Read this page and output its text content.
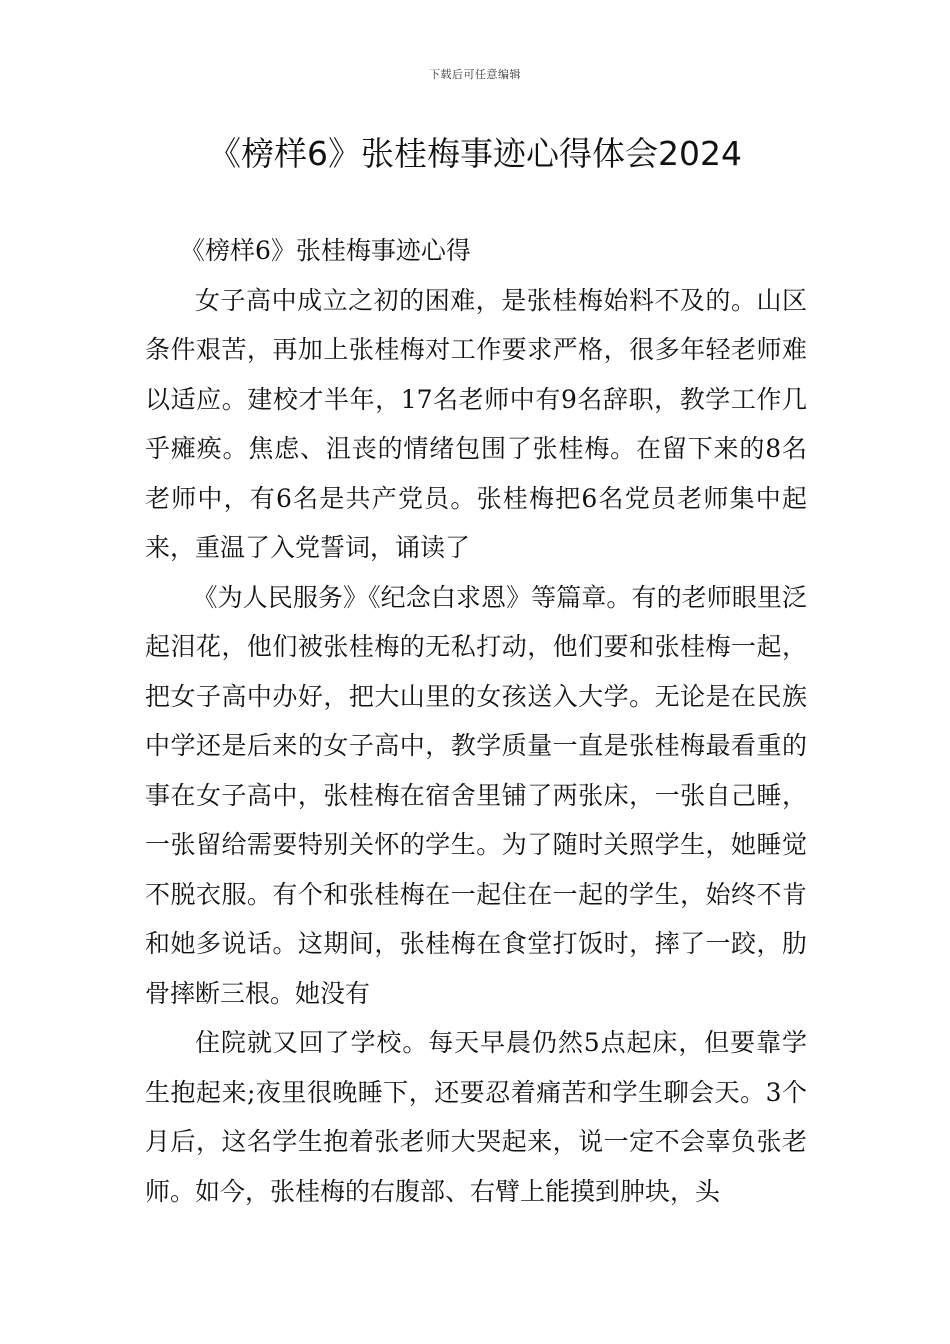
下载后可任意编辑
《榜样6》张桂梅事迹心得体会2024

《榜样6》张桂梅事迹心得

女子高中成立之初的困难，是张桂梅始料不及的。山区条件艰苦，再加上张桂梅对工作要求严格，很多年轻老师难以适应。建校才半年，17名老师中有9名辞职，教学工作几乎瘫痪。焦虑、沮丧的情绪包围了张桂梅。在留下来的8名老师中，有6名是共产党员。张桂梅把6名党员老师集中起来，重温了入党誓词，诵读了

《为人民服务》《纪念白求恩》等篇章。有的老师眼里泛起泪花，他们被张桂梅的无私打动，他们要和张桂梅一起，把女子高中办好，把大山里的女孩送入大学。无论是在民族中学还是后来的女子高中，教学质量一直是张桂梅最看重的事在女子高中，张桂梅在宿舍里铺了两张床，一张自己睡，一张留给需要特别关怀的学生。为了随时关照学生，她睡觉不脱衣服。有个和张桂梅在一起住在一起的学生，始终不肯和她多说话。这期间，张桂梅在食堂打饭时，摔了一跤，肋骨摔断三根。她没有

住院就又回了学校。每天早晨仍然5点起床，但要靠学生抱起来;夜里很晚睡下，还要忍着痛苦和学生聊会天。3个月后，这名学生抱着张老师大哭起来，说一定不会辜负张老师。如今，张桂梅的右腹部、右臂上能摸到肿块，头
